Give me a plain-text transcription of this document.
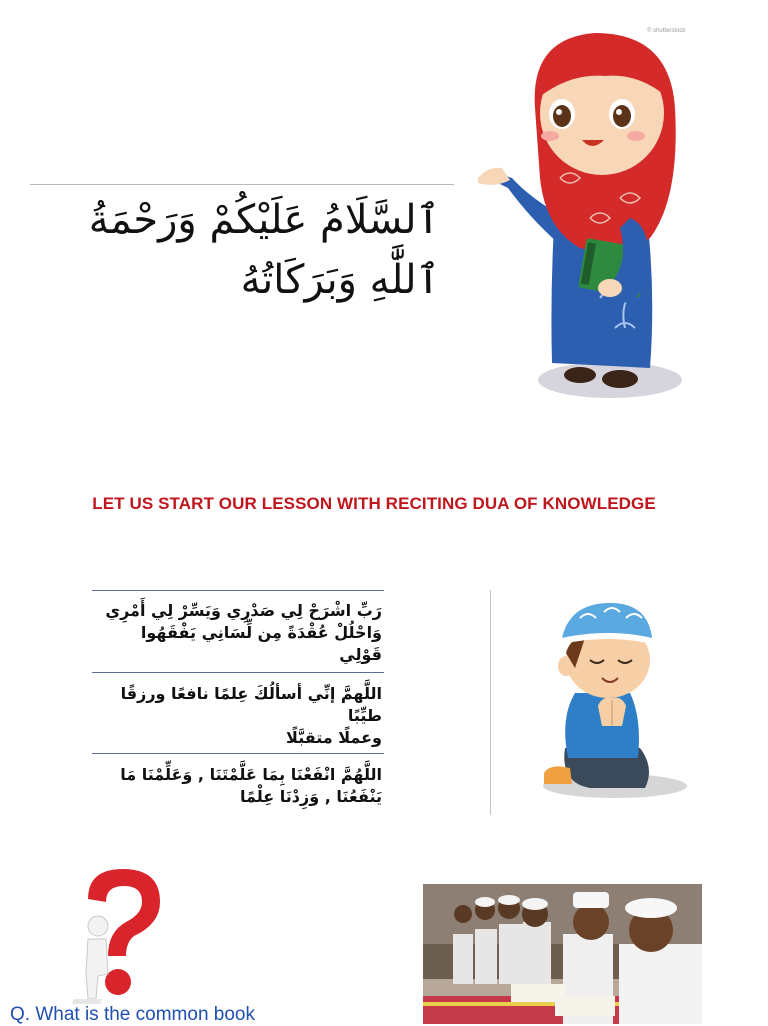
© shutterstock
ٱلسَّلَامُ عَلَيْكُمْ وَرَحْمَةُ ٱللَّٰهِ وَبَرَكَاتُهُ
LET US START OUR LESSON WITH RECITING DUA OF KNOWLEDGE
رَبِّ اشْرَحْ لِي صَدْرِي وَيَسِّرْ لِي أَمْرِي
وَاحْلُلْ عُقْدَةً مِن لِّسَانِي يَفْقَهُوا قَوْلِي
اللَّهمَّ إنِّي أسألُكَ عِلمًا نافعًا ورزقًا طيِّبًا
وعملًا متقبَّلًا
اللَّهُمَّ انْفَعْنَا بِمَا عَلَّمْتَنَا , وَعَلِّمْنَا مَا
يَنْفَعُنَا , وَزِدْنَا عِلْمًا
Q. What is the common book
